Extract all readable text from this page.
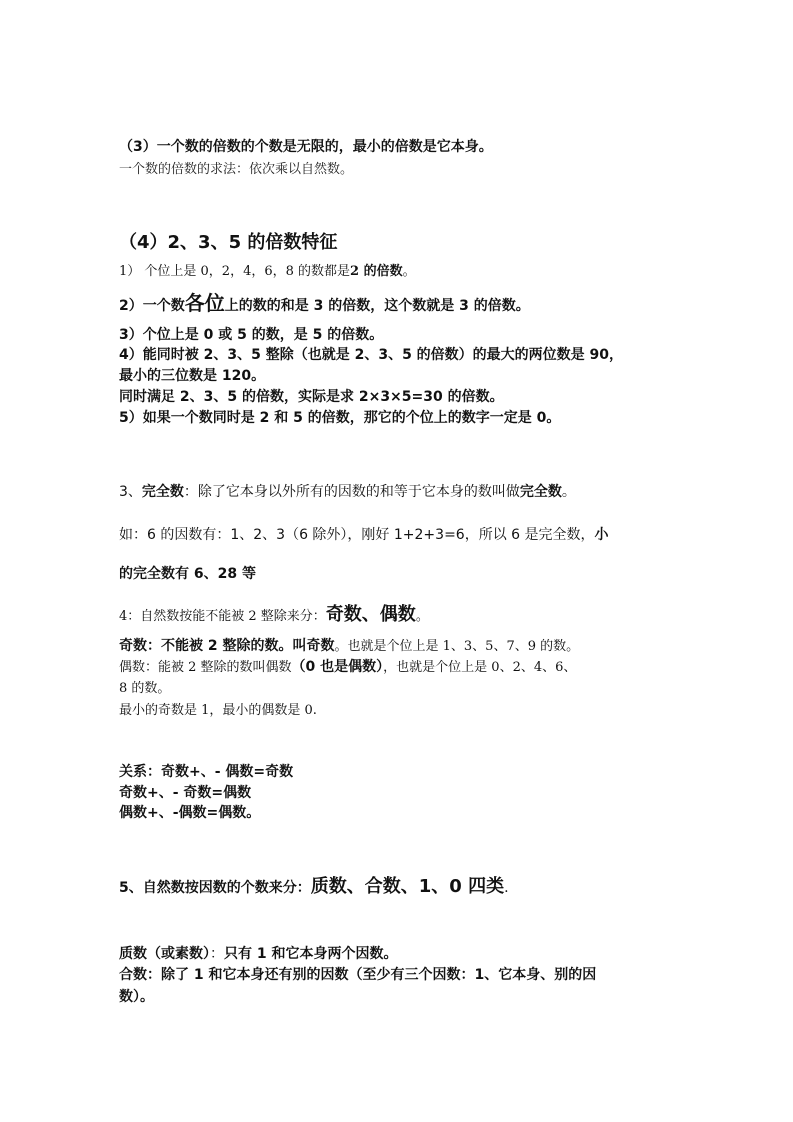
（3）一个数的倍数的个数是无限的，最小的倍数是它本身。
一个数的倍数的求法：依次乘以自然数。
（4）2、3、5 的倍数特征
1） 个位上是 0，2，4，6，8 的数都是2 的倍数。
2）一个数各位上的数的和是 3 的倍数，这个数就是 3 的倍数。
3）个位上是 0 或 5 的数，是 5 的倍数。
4）能同时被 2、3、5 整除（也就是 2、3、5 的倍数）的最大的两位数是 90，
最小的三位数是 120。
同时满足 2、3、5 的倍数，实际是求 2×3×5=30 的倍数。
5）如果一个数同时是 2 和 5 的倍数，那它的个位上的数字一定是 0。
3、完全数：除了它本身以外所有的因数的和等于它本身的数叫做完全数。
如：6 的因数有：1、2、3（6 除外），刚好 1+2+3=6，所以 6 是完全数，小
的完全数有 6、28 等
4：自然数按能不能被 2 整除来分：奇数、偶数。
奇数：不能被 2 整除的数。叫奇数。也就是个位上是 1、3、5、7、9 的数。
偶数：能被 2 整除的数叫偶数（0 也是偶数），也就是个位上是 0、2、4、6、
8 的数。
最小的奇数是 1，最小的偶数是 0.
关系：奇数+、- 偶数=奇数
奇数+、- 奇数=偶数
偶数+、-偶数=偶数。
5、自然数按因数的个数来分：质数、合数、1、0 四类.
质数（或素数）：只有 1 和它本身两个因数。
合数：除了 1 和它本身还有别的因数（至少有三个因数：1、它本身、别的因
数）。
